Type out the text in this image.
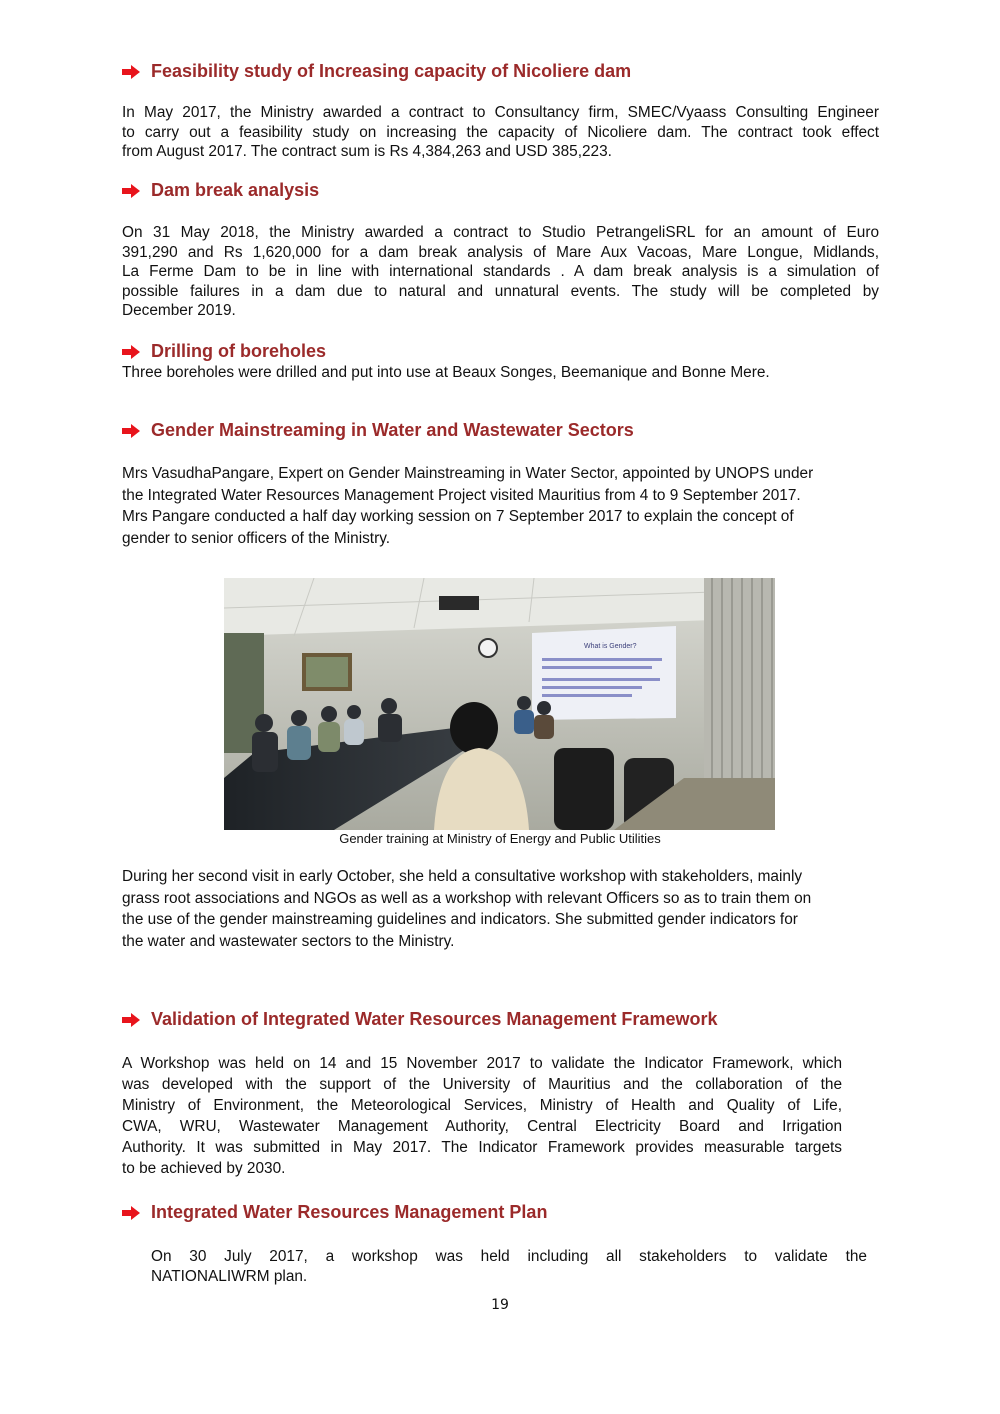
Feasibility study of Increasing capacity of Nicoliere dam
In May 2017, the Ministry awarded a contract to Consultancy firm, SMEC/Vyaass Consulting Engineer
to carry out a feasibility study on increasing the capacity of Nicoliere dam. The contract took effect
from August 2017. The contract sum is Rs 4,384,263 and USD 385,223.
Dam break analysis
On 31 May 2018, the Ministry awarded a contract to Studio PetrangeliSRL for an amount of Euro
391,290 and Rs 1,620,000 for a dam break analysis of Mare Aux Vacoas, Mare Longue, Midlands,
La Ferme Dam to be in line with international standards . A dam break analysis is a simulation of
possible failures in a dam due to natural and unnatural events. The study will be completed by
December 2019.
Drilling of boreholes
Three boreholes were drilled and put into use at Beaux Songes, Beemanique and Bonne Mere.
Gender Mainstreaming in Water and Wastewater Sectors
Mrs VasudhaPangare, Expert on Gender Mainstreaming in Water Sector, appointed by UNOPS under
the Integrated Water Resources Management Project visited Mauritius from 4 to 9 September 2017.
Mrs Pangare conducted a half day working session on 7 September 2017 to explain the concept of
gender to senior officers of the Ministry.
What is Gender?
Gender training at Ministry of Energy and Public Utilities
During her second visit in early October, she held a consultative workshop with stakeholders, mainly
grass root associations and NGOs as well as a workshop with relevant Officers so as to train them on
the use of the gender mainstreaming guidelines and indicators. She submitted gender indicators for
the water and wastewater sectors to the Ministry.
Validation of Integrated Water Resources Management Framework
A Workshop was held on 14 and 15 November 2017 to validate the Indicator Framework, which
was developed with the support of the University of Mauritius and the collaboration of the
Ministry of Environment, the Meteorological Services, Ministry of Health and Quality of Life,
CWA, WRU, Wastewater Management Authority, Central Electricity Board and Irrigation
Authority. It was submitted in May 2017. The Indicator Framework provides measurable targets
to be achieved by 2030.
Integrated Water Resources Management Plan
On 30 July 2017, a workshop was held including all stakeholders to validate the
NATIONALIWRM plan.
19
